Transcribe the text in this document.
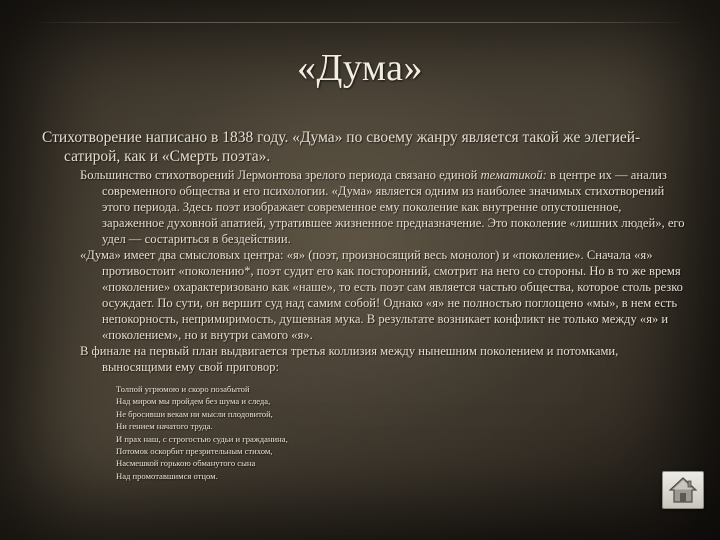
«Дума»

Стихотворение написано в 1838 году. «Дума» по своему жанру является такой же элегией- сатирой, как и «Смерть поэта».

Большинство стихотворений Лермонтова зрелого периода связано единой тематикой: в центре их — анализ современного общества и его психологии. «Дума» является одним из наиболее значимых стихотворений этого периода. Здесь поэт изображает современное ему поколение как внутренне опустошенное, зараженное духовной апатией, утратившее жизненное предназначение. Это поколение «лишних людей», его удел — состариться в бездействии.

«Дума» имеет два смысловых центра: «я» (поэт, произносящий весь монолог) и «поколение». Сначала «я» противостоит «поколению*, поэт судит его как посторонний, смотрит на него со стороны. Но в то же время «поколение» охарактеризовано как «наше», то есть поэт сам является частью общества, которое столь резко осуждает. По сути, он вершит суд над самим собой! Однако «я» не полностью поглощено «мы», в нем есть непокорность, непримиримость, душевная мука. В результате возникает конфликт не только между «я» и «поколением», но и внутри самого «я».

В финале на первый план выдвигается третья коллизия между нынешним поколением и потомками, выносящими ему свой приговор:

Толпой угрюмою и скоро позабытой
Над миром мы пройдем без шума и следа,
Не бросивши векам ни мысли плодовитой,
Ни гением начатого труда.
И прах наш, с строгостью судьи и гражданина,
Потомок оскорбит презрительным стихом,
Насмешкой горькою обманутого сына
Над промотавшимся отцом.
